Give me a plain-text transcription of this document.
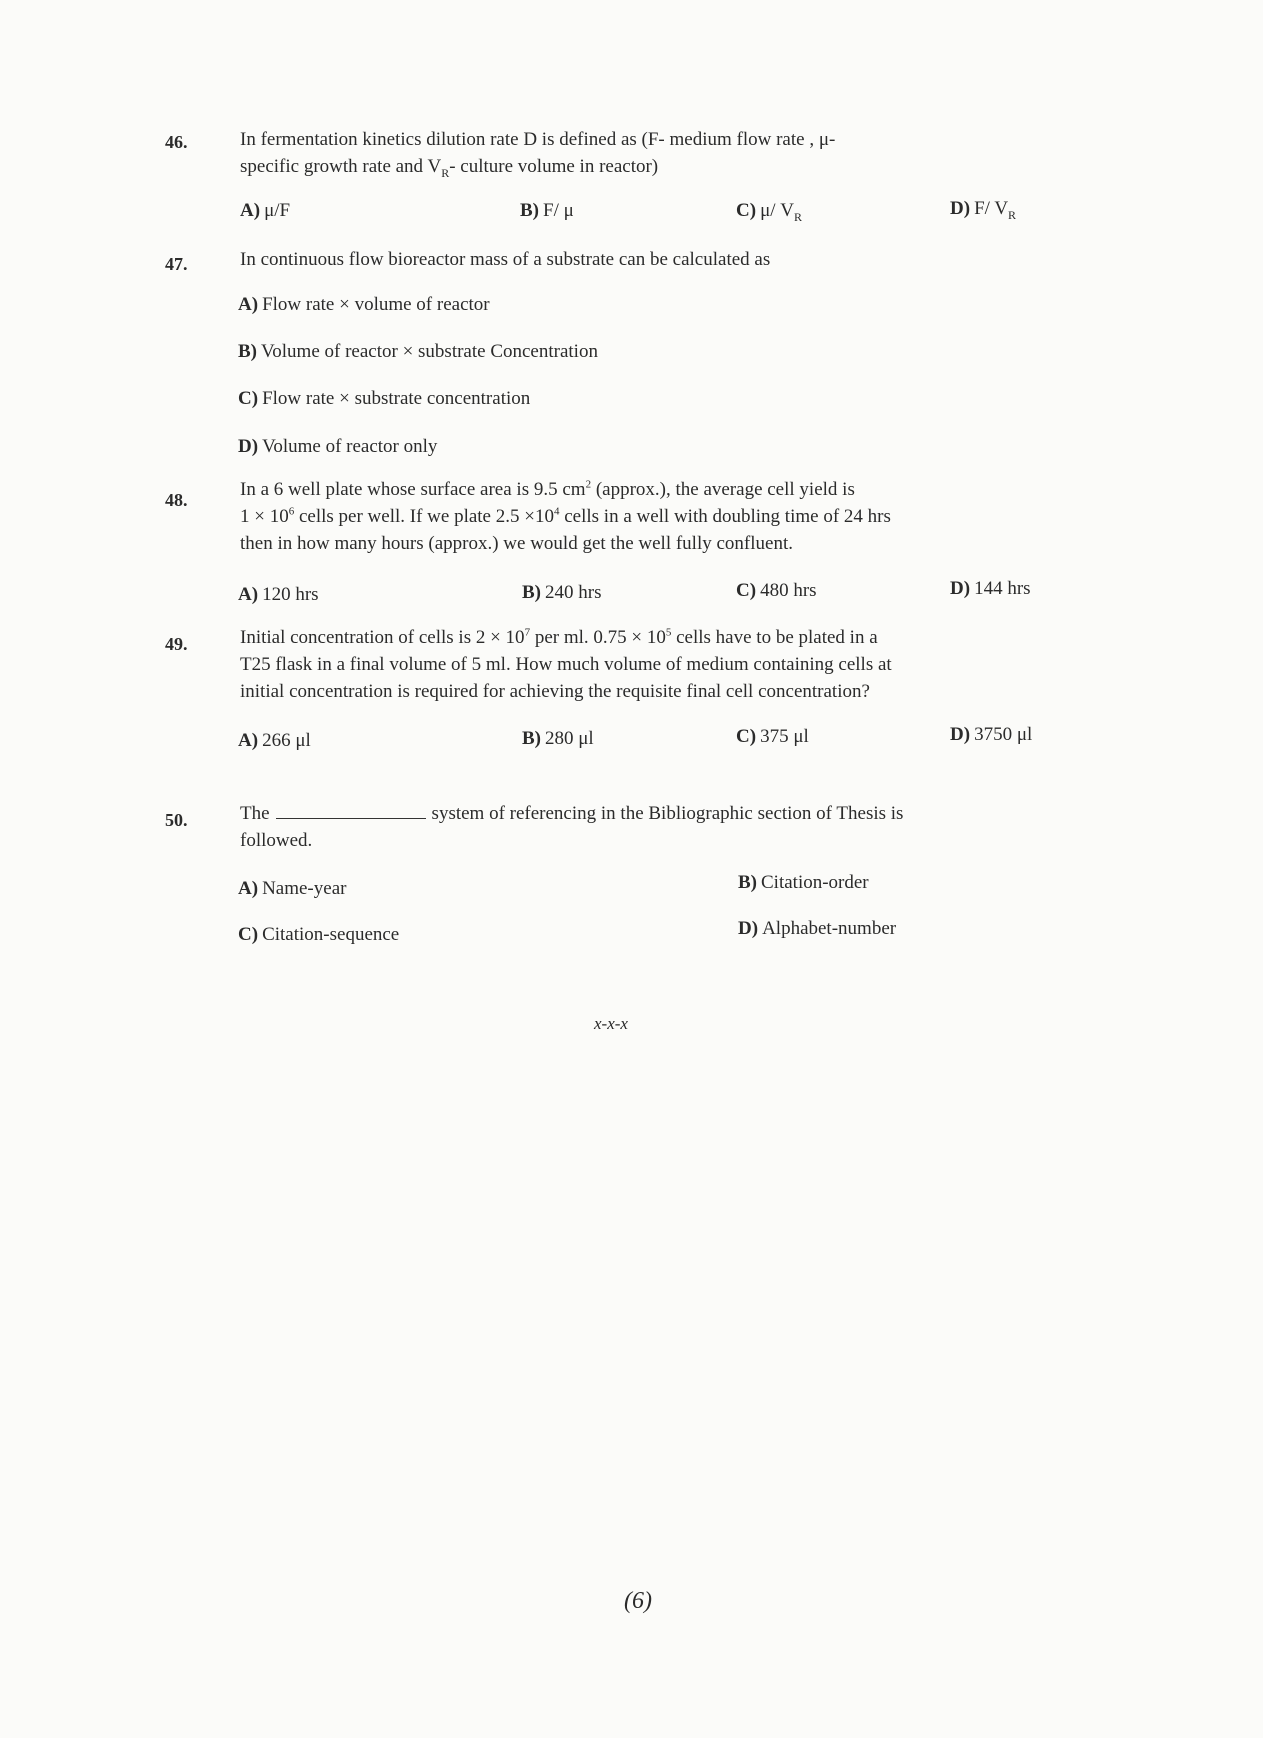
46.	In fermentation kinetics dilution rate D is defined as (F- medium flow rate , μ-
specific growth rate and $V_R-$ culture volume in reactor)
A) μ/F	B) F/ μ	C) μ/ $V_R$	D) F/ $V_R$
47.	In continuous flow bioreactor mass of a substrate can be calculated as
A) Flow rate × volume of reactor
B) Volume of reactor × substrate Concentration
C) Flow rate × substrate concentration
D) Volume of reactor only
48.	In a 6 well plate whose surface area is 9.5 $cm^2$ (approx.), the average cell yield is
$1 \times 10^6$ cells per well. If we plate $2.5 \times 10^4$ cells in a well with doubling time of 24 hrs
then in how many hours (approx.) we would get the well fully confluent.
A) 120 hrs	B) 240 hrs	C) 480 hrs	D) 144 hrs
49.	Initial concentration of cells is $2 \times 10^7$ per ml. $0.75 \times 10^5$ cells have to be plated in a
T25 flask in a final volume of 5 ml. How much volume of medium containing cells at
initial concentration is required for achieving the requisite final cell concentration?
A) 266 μl	B) 280 μl	C) 375 μl	D) 3750 μl
50.	The	system of referencing in the Bibliographic section of Thesis is
followed.
A) Name-year	B) Citation-order
C) Citation-sequence	D) Alphabet-number
x-x-x
(6)
